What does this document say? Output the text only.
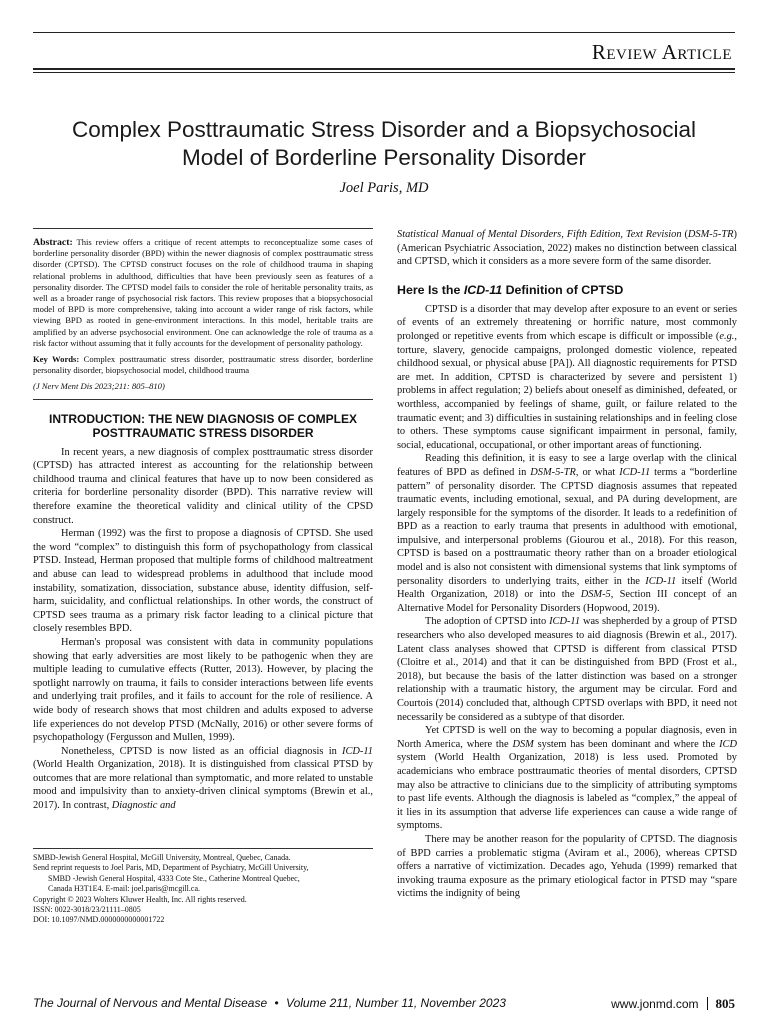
Review Article
Complex Posttraumatic Stress Disorder and a Biopsychosocial
Model of Borderline Personality Disorder
Joel Paris, MD

Abstract: This review offers a critique of recent attempts to reconceptualize some cases of borderline personality disorder (BPD) within the newer diagnosis of complex posttraumatic stress disorder (CPTSD). The CPTSD construct focuses on the role of childhood trauma in shaping relational problems in adulthood, difficulties that have been previously seen as features of a personality disorder. The CPTSD model fails to consider the role of heritable personality traits, as well as a broader range of psychosocial risk factors. This review proposes that a biopsychosocial model of BPD is more comprehensive, taking into account a wider range of risk factors, while viewing BPD as rooted in gene-environment interactions. In this model, heritable traits are amplified by an adverse psychosocial environment. One can acknowledge the role of trauma as a risk factor without assuming that it fully accounts for the development of personality pathology.

Key Words: Complex posttraumatic stress disorder, posttraumatic stress disorder, borderline personality disorder, biopsychosocial model, childhood trauma

(J Nerv Ment Dis 2023;211: 805–810)

INTRODUCTION: THE NEW DIAGNOSIS OF COMPLEX
POSTTRAUMATIC STRESS DISORDER

In recent years, a new diagnosis of complex posttraumatic stress disorder (CPTSD) has attracted interest as accounting for the relationship between childhood trauma and clinical features that have up to now been considered as criteria for borderline personality disorder (BPD). This narrative review will therefore examine the theoretical validity and clinical utility of the CPSD construct.

Herman (1992) was the first to propose a diagnosis of CPTSD. She used the word “complex” to distinguish this form of psychopathology from classical PTSD. Instead, Herman proposed that multiple forms of childhood maltreatment and abuse can lead to widespread problems in adulthood that include mood instability, somatization, dissociation, substance abuse, identity diffusion, self-harm, suicidality, and conflictual relationships. In other words, the construct of CPTSD sees trauma as a primary risk factor leading to a clinical picture that closely resembles BPD.

Herman's proposal was consistent with data in community populations showing that early adversities are most likely to be pathogenic when they are multiple leading to cumulative effects (Rutter, 2013). However, by placing the spotlight narrowly on trauma, it fails to consider interactions between life events and underlying trait profiles, and it fails to account for the role of resilience. A wide body of research shows that most children and adults exposed to adverse life experiences do not develop PTSD (McNally, 2016) or other severe forms of psychopathology (Fergusson and Mullen, 1999).

Nonetheless, CPTSD is now listed as an official diagnosis in ICD-11 (World Health Organization, 2018). It is distinguished from classical PTSD by outcomes that are more relational than symptomatic, and more related to unstable mood and impulsivity than to anxiety-driven clinical symptoms (Brewin et al., 2017). In contrast, Diagnostic and

SMBD-Jewish General Hospital, McGill University, Montreal, Quebec, Canada.

Send reprint requests to Joel Paris, MD, Department of Psychiatry, McGill University,

SMBD -Jewish General Hospital, 4333 Cote Ste., Catherine Montreal Quebec,

Canada H3T1E4. E-mail: joel.paris@mcgill.ca.

Copyright © 2023 Wolters Kluwer Health, Inc. All rights reserved.

ISSN: 0022-3018/23/21111–0805

DOI: 10.1097/NMD.0000000000001722

Statistical Manual of Mental Disorders, Fifth Edition, Text Revision (DSM-5-TR) (American Psychiatric Association, 2022) makes no distinction between classical and CPTSD, which it considers as a more severe form of the same disorder.

Here Is the ICD-11 Definition of CPTSD

CPTSD is a disorder that may develop after exposure to an event or series of events of an extremely threatening or horrific nature, most commonly prolonged or repetitive events from which escape is difficult or impossible (e.g., torture, slavery, genocide campaigns, prolonged domestic violence, repeated childhood sexual, or physical abuse [PA]). All diagnostic requirements for PTSD are met. In addition, CPTSD is characterized by severe and persistent 1) problems in affect regulation; 2) beliefs about oneself as diminished, defeated, or worthless, accompanied by feelings of shame, guilt, or failure related to the traumatic event; and 3) difficulties in sustaining relationships and in feeling close to others. These symptoms cause significant impairment in personal, family, social, educational, occupational, or other important areas of functioning.

Reading this definition, it is easy to see a large overlap with the clinical features of BPD as defined in DSM-5-TR, or what ICD-11 terms a “borderline pattern” of personality disorder. The CPTSD diagnosis assumes that repeated traumatic events, including emotional, sexual, and PA during development, are largely responsible for the symptoms of the disorder. It leads to a redefinition of BPD as a reaction to early trauma that presents in adulthood with emotional, impulsive, and interpersonal problems (Giourou et al., 2018). For this reason, CPTSD is based on a posttraumatic theory rather than on a broader etiological model and is also not consistent with dimensional systems that link symptoms of personality disorders to underlying traits, either in the ICD-11 itself (World Health Organization, 2018) or into the DSM-5, Section III concept of an Alternative Model for Personality Disorders (Hopwood, 2019).

The adoption of CPTSD into ICD-11 was shepherded by a group of PTSD researchers who also developed measures to aid diagnosis (Brewin et al., 2017). Latent class analyses showed that CPTSD is different from classical PTSD (Cloitre et al., 2014) and that it can be distinguished from BPD (Frost et al., 2018), but because the basis of the latter distinction was based on a stronger relationship with a traumatic history, the argument may be circular. Ford and Courtois (2014) concluded that, although CPTSD overlaps with BPD, it need not necessarily be considered as a subtype of that disorder.

Yet CPTSD is well on the way to becoming a popular diagnosis, even in North America, where the DSM system has been dominant and where the ICD system (World Health Organization, 2018) is less used. Promoted by academicians who embrace posttraumatic theories of mental disorders, CPTSD may also be attractive to clinicians due to the simplicity of attributing symptoms to past life events. Although the diagnosis is labeled as “complex,” the appeal of it lies in its assumption that adverse life experiences can cause a wide range of symptoms.

There may be another reason for the popularity of CPTSD. The diagnosis of BPD carries a problematic stigma (Aviram et al., 2006), whereas CPTSD offers a narrative of victimization. Decades ago, Yehuda (1999) remarked that invoking trauma exposure as the primary etiological factor in PTSD may “spare victims the indignity of being

The Journal of Nervous and Mental Disease • Volume 211, Number 11, November 2023	www.jonmd.com 805
